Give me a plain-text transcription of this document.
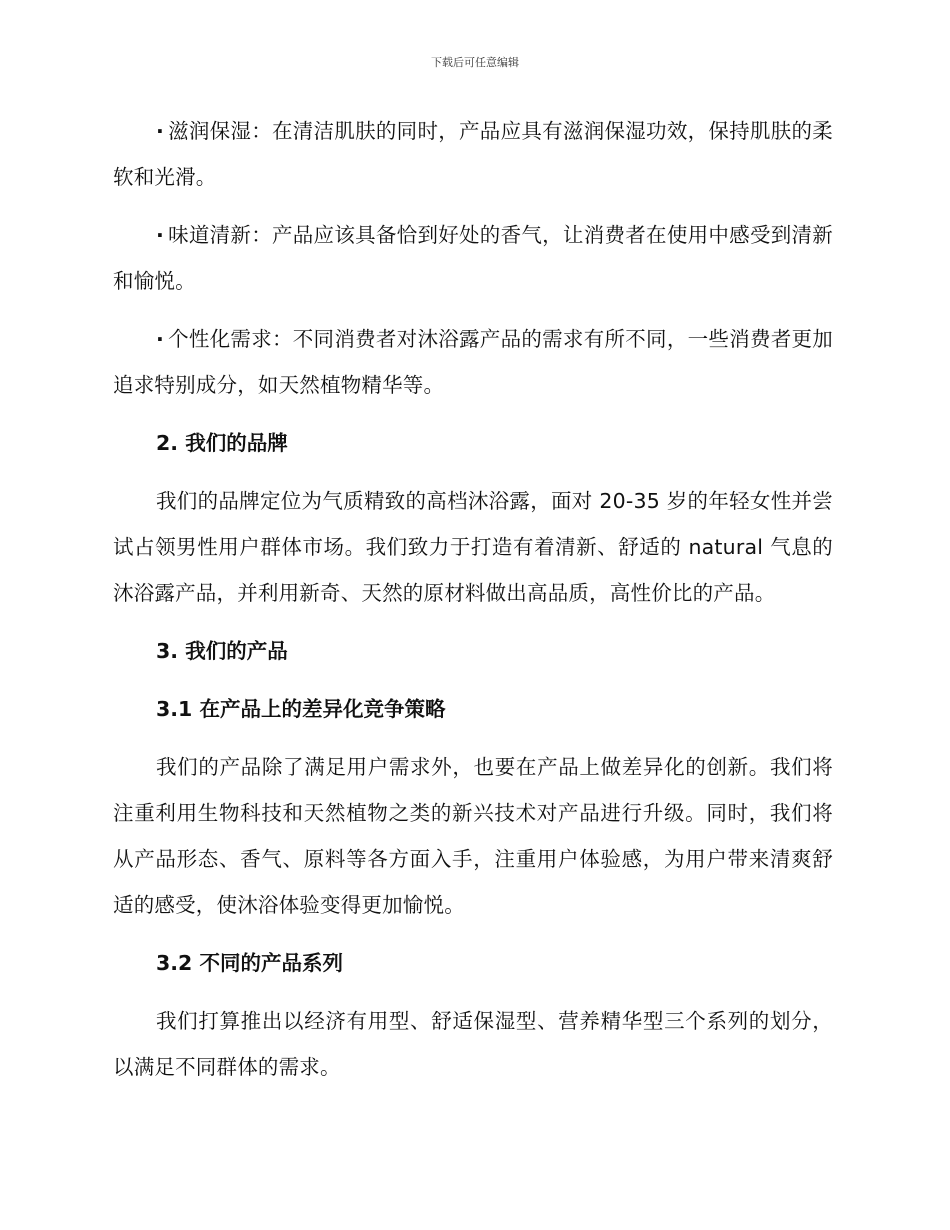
下载后可任意编辑

· 滋润保湿：在清洁肌肤的同时，产品应具有滋润保湿功效，保持肌肤的柔软和光滑。

· 味道清新：产品应该具备恰到好处的香气，让消费者在使用中感受到清新和愉悦。

· 个性化需求：不同消费者对沐浴露产品的需求有所不同，一些消费者更加追求特别成分，如天然植物精华等。

2. 我们的品牌

我们的品牌定位为气质精致的高档沐浴露，面对 20-35 岁的年轻女性并尝试占领男性用户群体市场。我们致力于打造有着清新、舒适的 natural 气息的沐浴露产品，并利用新奇、天然的原材料做出高品质，高性价比的产品。

3. 我们的产品
3.1 在产品上的差异化竞争策略

我们的产品除了满足用户需求外，也要在产品上做差异化的创新。我们将注重利用生物科技和天然植物之类的新兴技术对产品进行升级。同时，我们将从产品形态、香气、原料等各方面入手，注重用户体验感，为用户带来清爽舒适的感受，使沐浴体验变得更加愉悦。

3.2 不同的产品系列

我们打算推出以经济有用型、舒适保湿型、营养精华型三个系列的划分，以满足不同群体的需求。
